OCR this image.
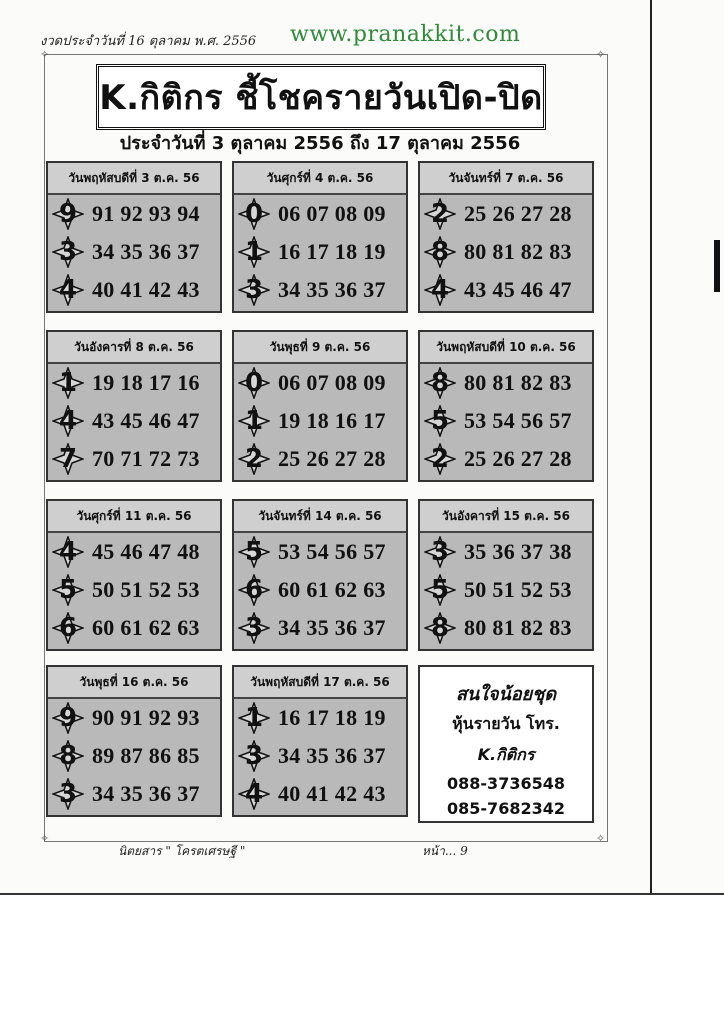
งวดประจำวันที่ 16 ตุลาคม พ.ศ. 2556 www.pranakkit.com
✧	✧
✧	✧
K.กิติกร ชี้โชครายวันเปิด-ปิด
ประจำวันที่ 3 ตุลาคม 2556 ถึง 17 ตุลาคม 2556
วันพฤหัสบดีที่ 3 ต.ค. 56
9 91 92 93 94
3 34 35 36 37
4 40 41 42 43
วันศุกร์ที่ 4 ต.ค. 56
0 06 07 08 09
1 16 17 18 19
3 34 35 36 37
วันจันทร์ที่ 7 ต.ค. 56
2 25 26 27 28
8 80 81 82 83
4 43 45 46 47
วันอังคารที่ 8 ต.ค. 56
1 19 18 17 16
4 43 45 46 47
7 70 71 72 73
วันพุธที่ 9 ต.ค. 56
0 06 07 08 09
1 19 18 16 17
2 25 26 27 28
วันพฤหัสบดีที่ 10 ต.ค. 56
8 80 81 82 83
5 53 54 56 57
2 25 26 27 28
วันศุกร์ที่ 11 ต.ค. 56
4 45 46 47 48
5 50 51 52 53
6 60 61 62 63
วันจันทร์ที่ 14 ต.ค. 56
5 53 54 56 57
6 60 61 62 63
3 34 35 36 37
วันอังคารที่ 15 ต.ค. 56
3 35 36 37 38
5 50 51 52 53
8 80 81 82 83
วันพุธที่ 16 ต.ค. 56
9 90 91 92 93
8 89 87 86 85
3 34 35 36 37
วันพฤหัสบดีที่ 17 ต.ค. 56
1 16 17 18 19
3 34 35 36 37
4 40 41 42 43
สนใจน้อยชุด
หุ้นรายวัน โทร.
K.กิติกร
088-3736548
085-7682342
นิตยสาร " โครตเศรษฐี "	หน้า... 9
